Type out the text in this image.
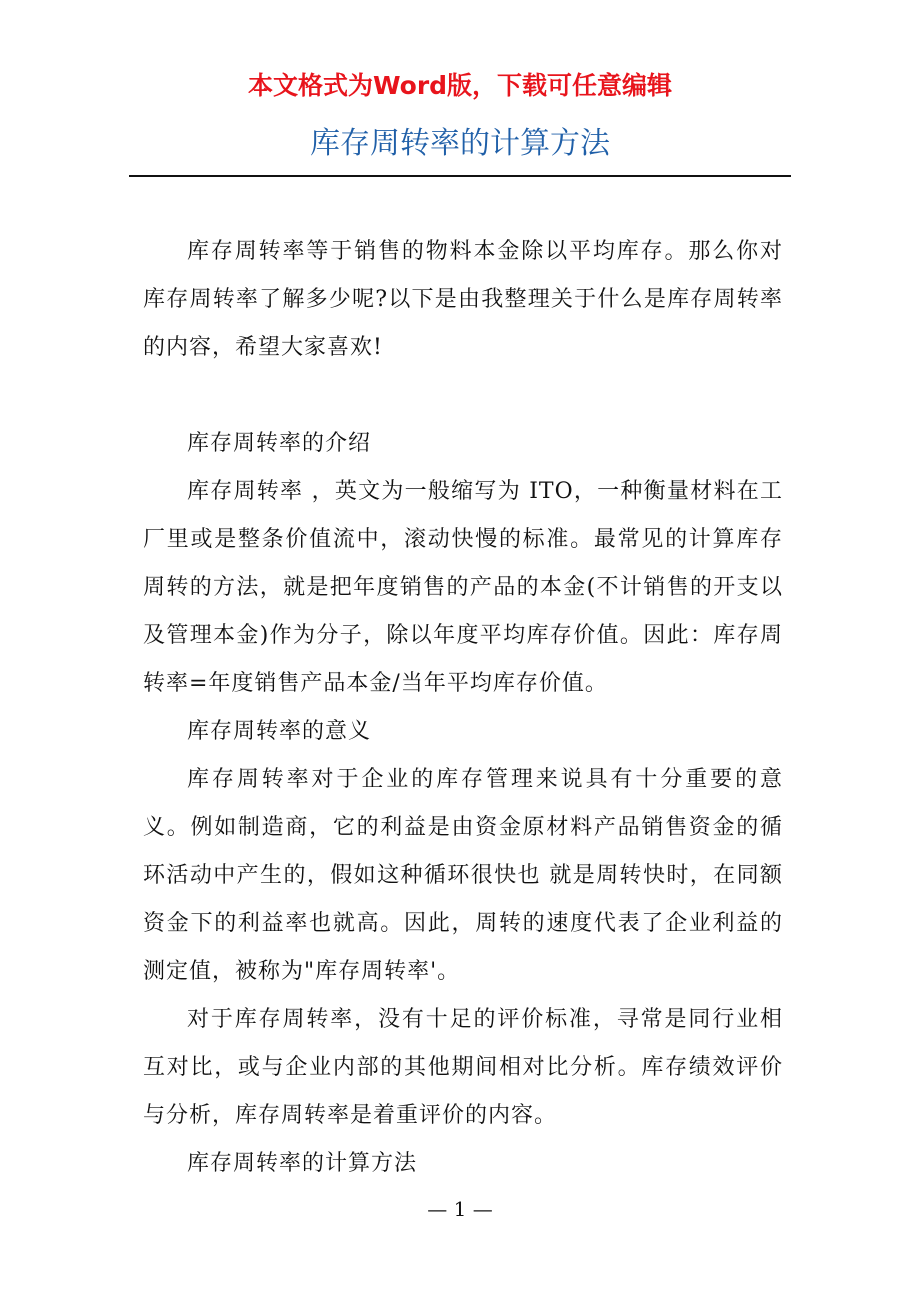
本文格式为Word版，下载可任意编辑
库存周转率的计算方法

库存周转率等于销售的物料本金除以平均库存。那么你对库存周转率了解多少呢?以下是由我整理关于什么是库存周转率的内容，希望大家喜欢!

库存周转率的介绍

库存周转率 ，英文为一般缩写为 ITO，一种衡量材料在工厂里或是整条价值流中，滚动快慢的标准。最常见的计算库存周转的方法，就是把年度销售的产品的本金(不计销售的开支以及管理本金)作为分子，除以年度平均库存价值。因此：库存周转率=年度销售产品本金/当年平均库存价值。

库存周转率的意义

库存周转率对于企业的库存管理来说具有十分重要的意义。例如制造商，它的利益是由资金原材料产品销售资金的循环活动中产生的，假如这种循环很快也 就是周转快时，在同额资金下的利益率也就高。因此，周转的速度代表了企业利益的测定值，被称为"库存周转率'。

对于库存周转率，没有十足的评价标准，寻常是同行业相互对比，或与企业内部的其他期间相对比分析。库存绩效评价与分析，库存周转率是着重评价的内容。

库存周转率的计算方法

— 1 —
